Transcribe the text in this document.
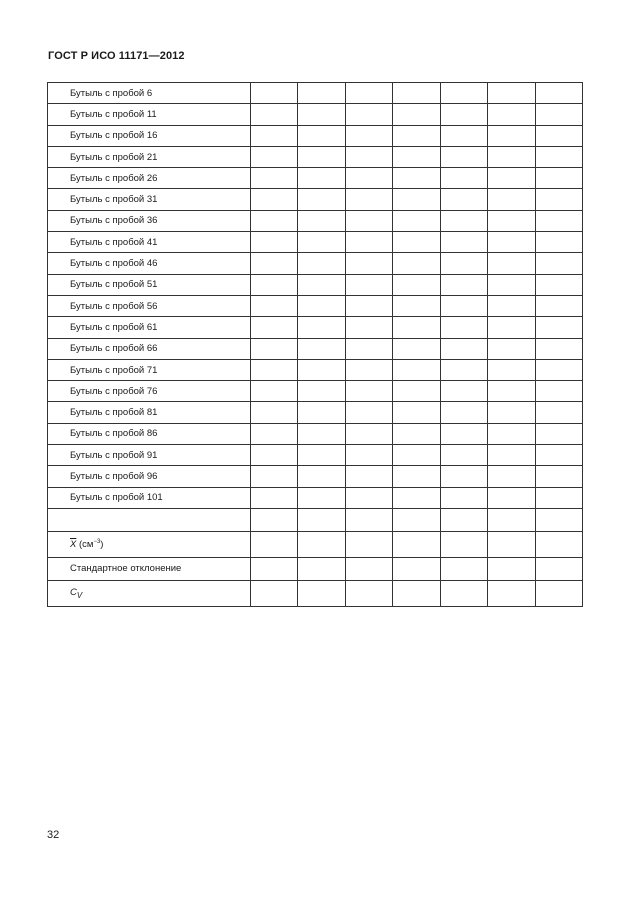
ГОСТ Р ИСО 11171—2012
Бутыль с пробой 6							
Бутыль с пробой 11							
Бутыль с пробой 16							
Бутыль с пробой 21							
Бутыль с пробой 26							
Бутыль с пробой 31							
Бутыль с пробой 36							
Бутыль с пробой 41							
Бутыль с пробой 46							
Бутыль с пробой 51							
Бутыль с пробой 56							
Бутыль с пробой 61							
Бутыль с пробой 66							
Бутыль с пробой 71							
Бутыль с пробой 76							
Бутыль с пробой 81							
Бутыль с пробой 86							
Бутыль с пробой 91							
Бутыль с пробой 96							
Бутыль с пробой 101							

$\overline{X}$ $(см^{-3})$							
Стандартное отклонение							
$C_V$							
32
